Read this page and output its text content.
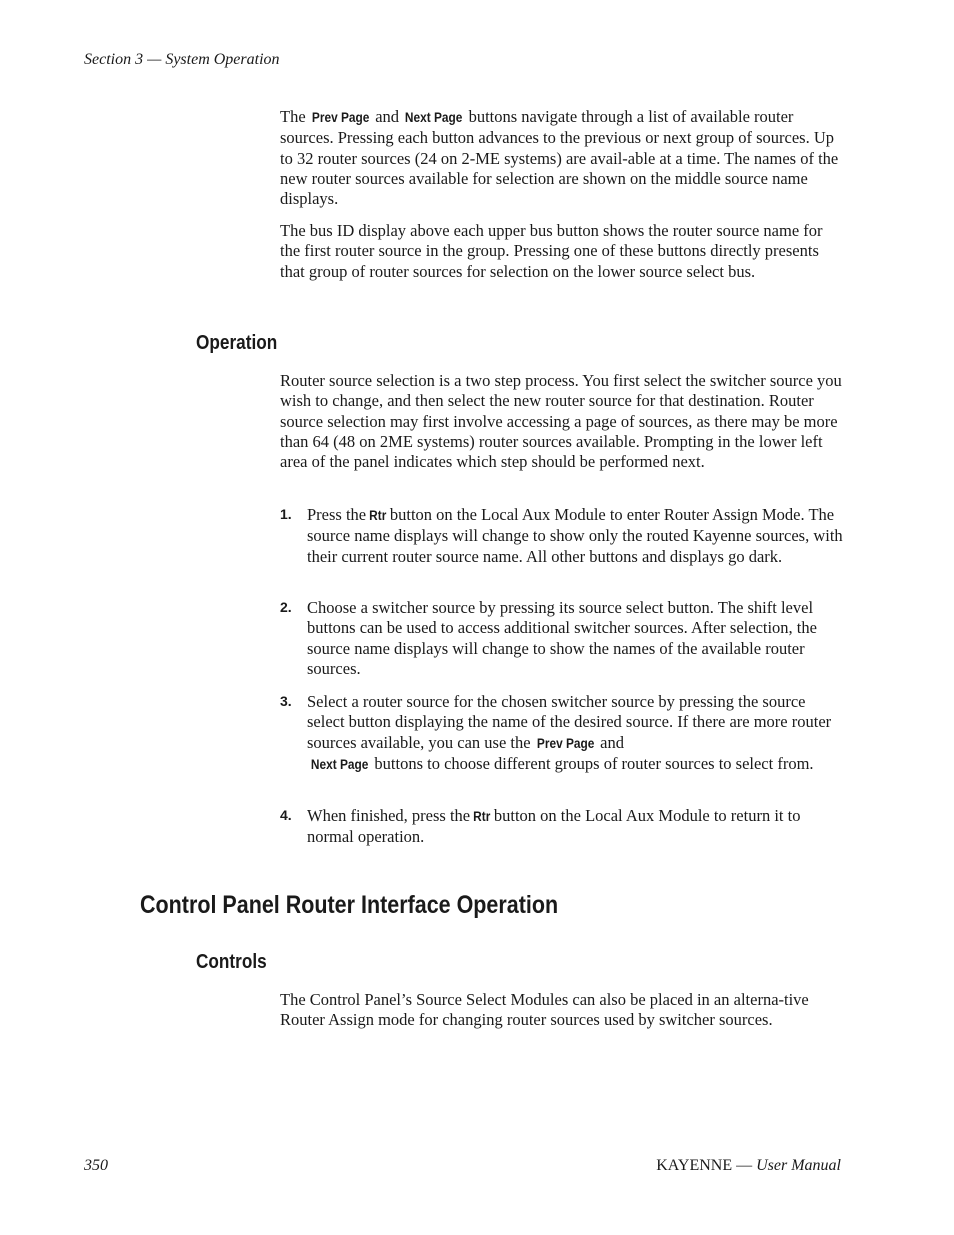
Section 3 — System Operation

The Prev Page and Next Page buttons navigate through a list of available router sources. Pressing each button advances to the previous or next group of sources. Up to 32 router sources (24 on 2-ME systems) are avail-able at a time. The names of the new router sources available for selection are shown on the middle source name displays.

The bus ID display above each upper bus button shows the router source name for the first router source in the group. Pressing one of these buttons directly presents that group of router sources for selection on the lower source select bus.

Operation

Router source selection is a two step process. You first select the switcher source you wish to change, and then select the new router source for that destination. Router source selection may first involve accessing a page of sources, as there may be more than 64 (48 on 2ME systems) router sources available. Prompting in the lower left area of the panel indicates which step should be performed next.

1. Press the Rtr button on the Local Aux Module to enter Router Assign Mode. The source name displays will change to show only the routed Kayenne sources, with their current router source name. All other buttons and displays go dark.
2. Choose a switcher source by pressing its source select button. The shift level buttons can be used to access additional switcher sources. After selection, the source name displays will change to show the names of the available router sources.
3. Select a router source for the chosen switcher source by pressing the source select button displaying the name of the desired source. If there are more router sources available, you can use the Prev Page and
Next Page buttons to choose different groups of router sources to select from.
4. When finished, press the Rtr button on the Local Aux Module to return it to normal operation.
Control Panel Router Interface Operation
Controls

The Control Panel’s Source Select Modules can also be placed in an alterna-tive Router Assign mode for changing router sources used by switcher sources.

350	KAYENNE — User Manual
